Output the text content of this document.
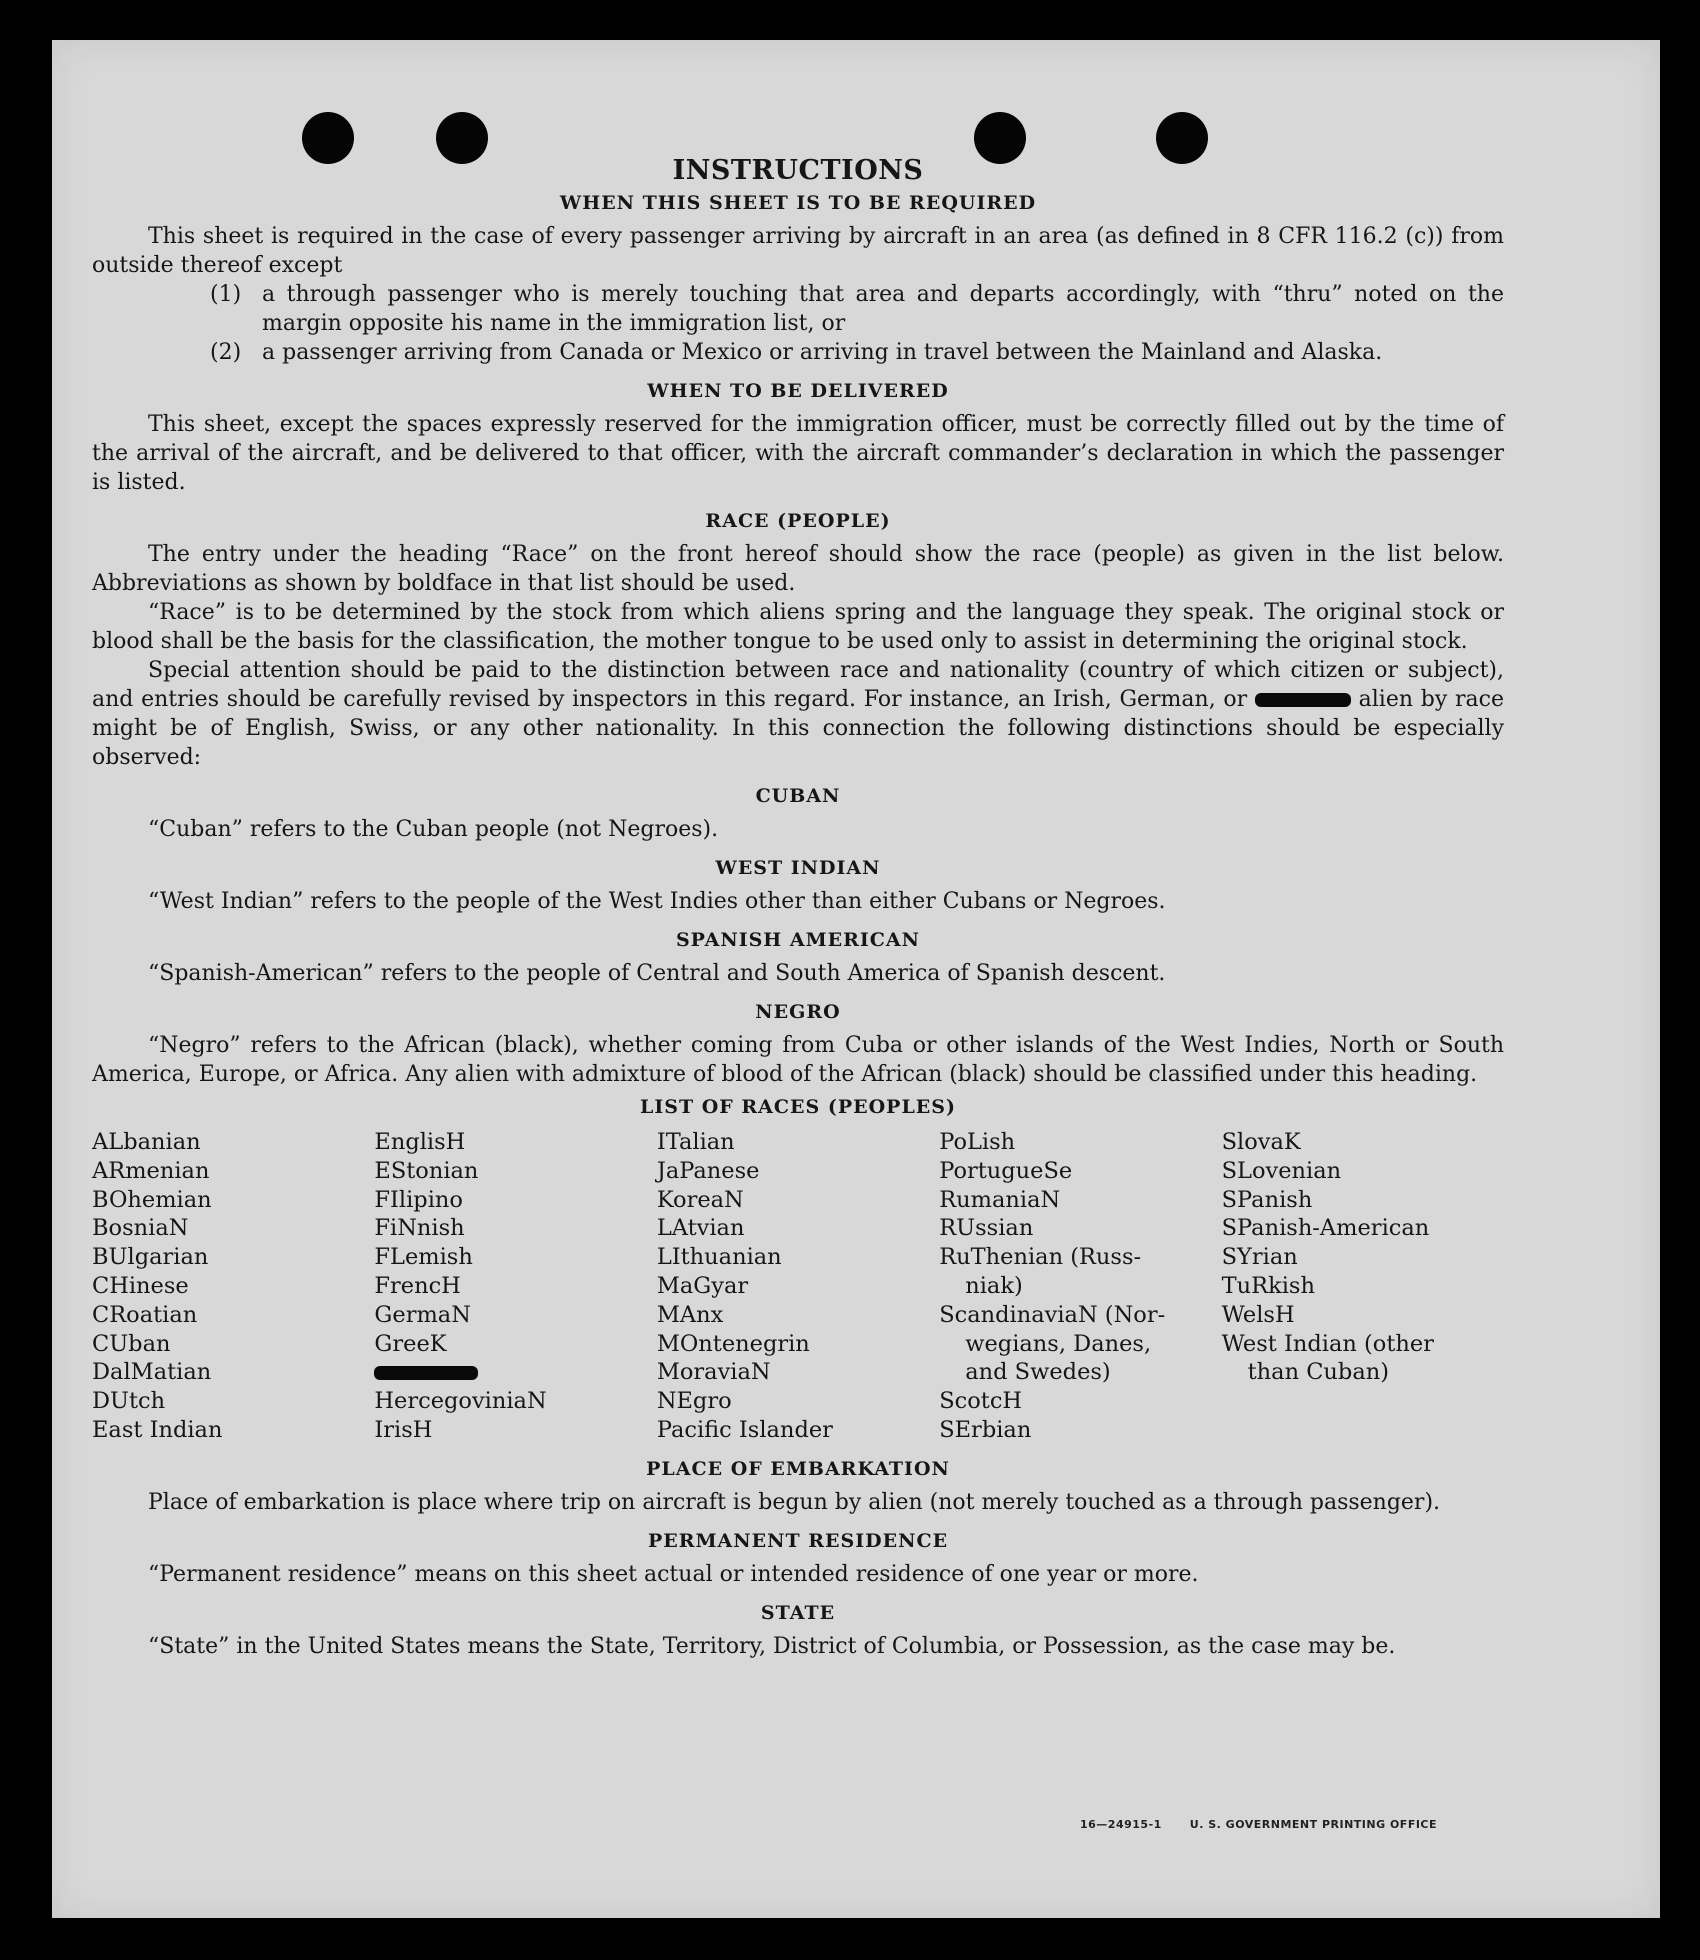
INSTRUCTIONS
WHEN THIS SHEET IS TO BE REQUIRED

This sheet is required in the case of every passenger arriving by aircraft in an area (as defined in 8 CFR 116.2 (c)) from outside thereof except

(1) a through passenger who is merely touching that area and departs accordingly, with “thru” noted on the margin opposite his name in the immigration list, or
(2) a passenger arriving from Canada or Mexico or arriving in travel between the Mainland and Alaska.
WHEN TO BE DELIVERED

This sheet, except the spaces expressly reserved for the immigration officer, must be correctly filled out by the time of the arrival of the aircraft, and be delivered to that officer, with the aircraft commander’s declaration in which the passenger is listed.

RACE (PEOPLE)

The entry under the heading “Race” on the front hereof should show the race (people) as given in the list below. Abbreviations as shown by boldface in that list should be used.

“Race” is to be determined by the stock from which aliens spring and the language they speak. The original stock or blood shall be the basis for the classification, the mother tongue to be used only to assist in determining the original stock.

Special attention should be paid to the distinction between race and nationality (country of which citizen or subject), and entries should be carefully revised by inspectors in this regard. For instance, an Irish, German, or	alien by race might be of English, Swiss, or any other nationality. In this connection the following distinctions should be especially observed:

CUBAN

“Cuban” refers to the Cuban people (not Negroes).

WEST INDIAN

“West Indian” refers to the people of the West Indies other than either Cubans or Negroes.

SPANISH AMERICAN

“Spanish-American” refers to the people of Central and South America of Spanish descent.

NEGRO

“Negro” refers to the African (black), whether coming from Cuba or other islands of the West Indies, North or South America, Europe, or Africa. Any alien with admixture of blood of the African (black) should be classified under this heading.

LIST OF RACES (PEOPLES)
ALbanian
ARmenian
BOhemian
BosniaN
BUlgarian
CHinese
CRoatian
CUban
DalMatian
DUtch
East Indian
EnglisH
EStonian
FIlipino
FiNnish
FLemish
FrencH
GermaN
GreeK
HercegoviniaN
IrisH
ITalian
JaPanese
KoreaN
LAtvian
LIthuanian
MaGyar
MAnx
MOntenegrin
MoraviaN
NEgro
Pacific Islander
PoLish
PortugueSe
RumaniaN
RUssian
RuThenian (Russ-
niak)
ScandinaviaN (Nor-
wegians, Danes,
and Swedes)
ScotcH
SErbian
SlovaK
SLovenian
SPanish
SPanish-American
SYrian
TuRkish
WelsH
West Indian (other
than Cuban)
PLACE OF EMBARKATION

Place of embarkation is place where trip on aircraft is begun by alien (not merely touched as a through passenger).

PERMANENT RESIDENCE

“Permanent residence” means on this sheet actual or intended residence of one year or more.

STATE

“State” in the United States means the State, Territory, District of Columbia, or Possession, as the case may be.

16—24915-1	U. S. GOVERNMENT PRINTING OFFICE
